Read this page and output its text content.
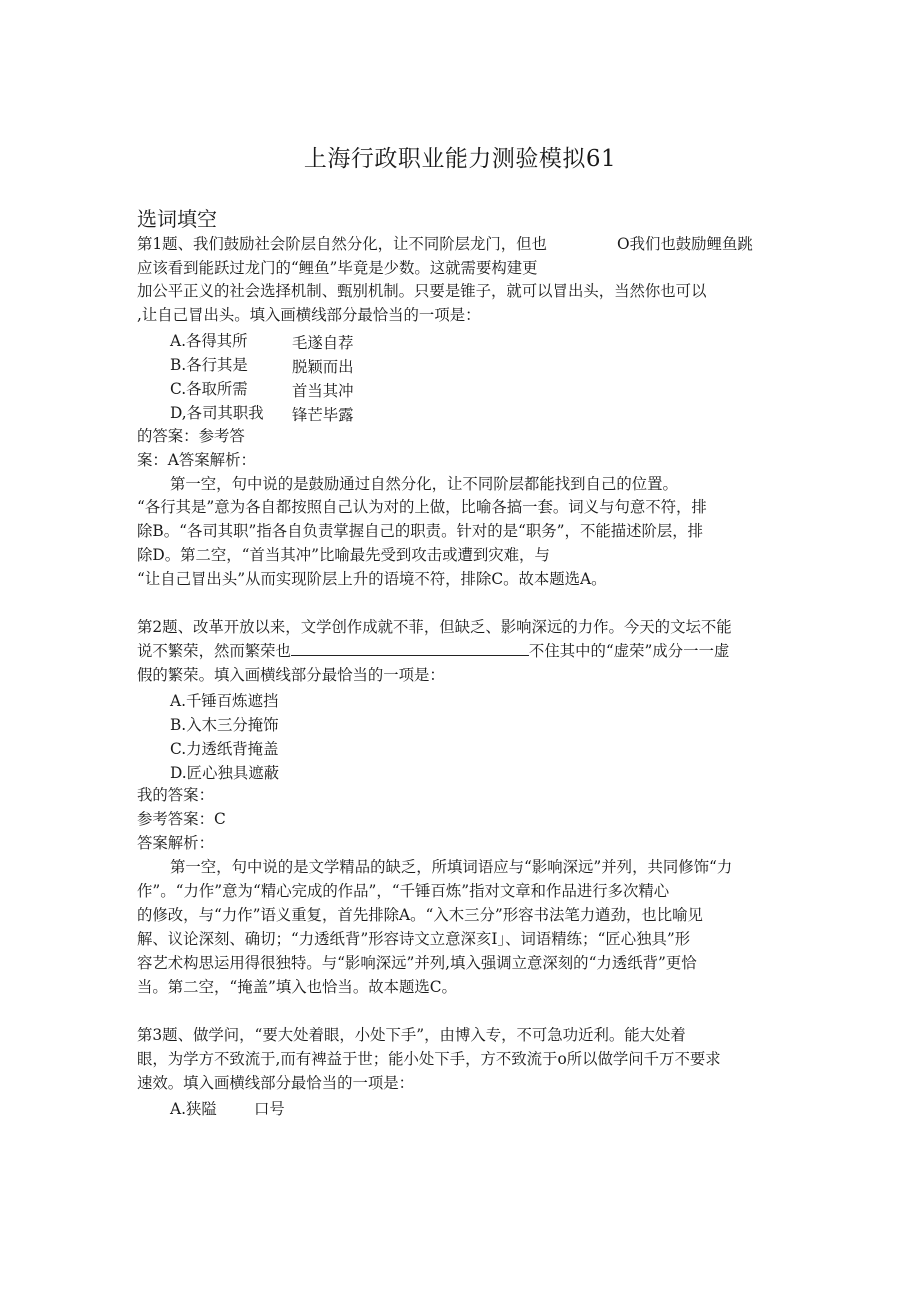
上海行政职业能力测验模拟61
选词填空
第1题、我们鼓励社会阶层自然分化，让不同阶层龙门，但也	O我们也鼓励鲤鱼跳
应该看到能跃过龙门的“鲤鱼”毕竟是少数。这就需要构建更
加公平正义的社会选择机制、甄别机制。只要是锥子，就可以冒出头，当然你也可以
,让自己冒出头。填入画横线部分最恰当的一项是：
A.各得其所	毛遂自荐
B.各行其是	脱颖而出
C.各取所需	首当其冲
D,各司其职我 锋芒毕露
的答案：参考答
案：A答案解析：
第一空，句中说的是鼓励通过自然分化，让不同阶层都能找到自己的位置。
“各行其是”意为各自都按照自己认为对的上做，比喻各搞一套。词义与句意不符，排
除B。“各司其职”指各自负责掌握自己的职责。针对的是“职务”，不能描述阶层，排
除D。第二空，“首当其冲”比喻最先受到攻击或遭到灾难，与
“让自己冒出头”从而实现阶层上升的语境不符，排除C。故本题选A。
第2题、改革开放以来，文学创作成就不菲，但缺乏、影响深远的力作。今天的文坛不能
说不繁荣，然而繁荣也	不住其中的“虚荣”成分一一虚
假的繁荣。填入画横线部分最恰当的一项是：
A.千锤百炼遮挡
B.入木三分掩饰
C.力透纸背掩盖
D.匠心独具遮蔽
我的答案：
参考答案：C
答案解析：
第一空，句中说的是文学精品的缺乏，所填词语应与“影响深远”并列，共同修饰“力
作”。“力作”意为“精心完成的作品”，“千锤百炼”指对文章和作品进行多次精心
的修改，与“力作”语义重复，首先排除A。“入木三分”形容书法笔力遒劲，也比喻见
解、议论深刻、确切；“力透纸背”形容诗文立意深亥I」、词语精练；“匠心独具”形
容艺术构思运用得很独特。与“影响深远”并列,填入强调立意深刻的“力透纸背”更恰
当。第二空，“掩盖”填入也恰当。故本题选C。
第3题、做学问，“要大处着眼，小处下手”，由博入专，不可急功近利。能大处着
眼，为学方不致流于,而有裨益于世；能小处下手，方不致流于o所以做学问千万不要求
速效。填入画横线部分最恰当的一项是：
A.狭隘 口号
